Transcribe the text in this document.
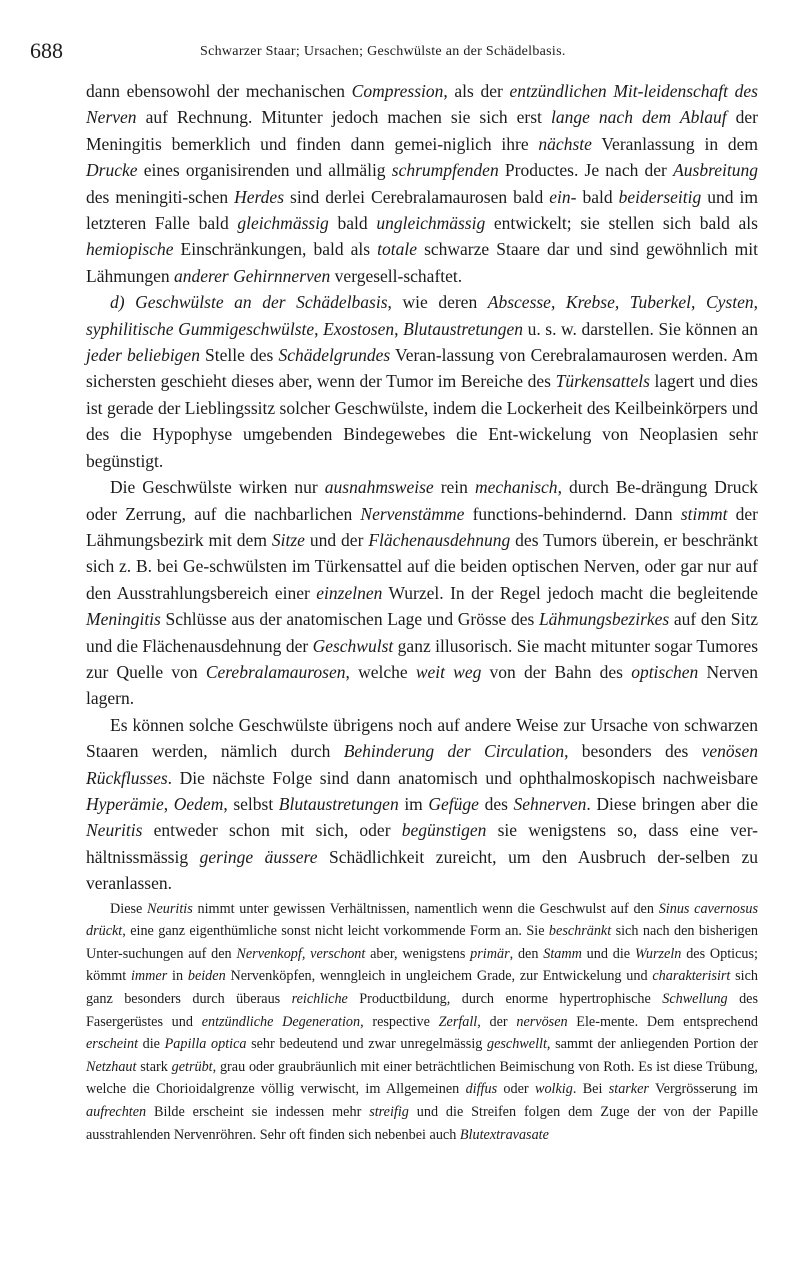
688	Schwarzer Staar; Ursachen; Geschwülste an der Schädelbasis.

dann ebensowohl der mechanischen Compression, als der entzündlichen Mit-leidenschaft des Nerven auf Rechnung. Mitunter jedoch machen sie sich erst lange nach dem Ablauf der Meningitis bemerklich und finden dann gemei-niglich ihre nächste Veranlassung in dem Drucke eines organisirenden und allmälig schrumpfenden Productes. Je nach der Ausbreitung des meningiti-schen Herdes sind derlei Cerebralamaurosen bald ein- bald beiderseitig und im letzteren Falle bald gleichmässig bald ungleichmässig entwickelt; sie stellen sich bald als hemiopische Einschränkungen, bald als totale schwarze Staare dar und sind gewöhnlich mit Lähmungen anderer Gehirnnerven vergesell-schaftet.

d) Geschwülste an der Schädelbasis, wie deren Abscesse, Krebse, Tuberkel, Cysten, syphilitische Gummigeschwülste, Exostosen, Blutaustretungen u. s. w. darstellen. Sie können an jeder beliebigen Stelle des Schädelgrundes Veran-lassung von Cerebralamaurosen werden. Am sichersten geschieht dieses aber, wenn der Tumor im Bereiche des Türkensattels lagert und dies ist gerade der Lieblingssitz solcher Geschwülste, indem die Lockerheit des Keilbeinkörpers und des die Hypophyse umgebenden Bindegewebes die Ent-wickelung von Neoplasien sehr begünstigt.

Die Geschwülste wirken nur ausnahmsweise rein mechanisch, durch Be-drängung Druck oder Zerrung, auf die nachbarlichen Nervenstämme functions-behindernd. Dann stimmt der Lähmungsbezirk mit dem Sitze und der Flächenausdehnung des Tumors überein, er beschränkt sich z. B. bei Ge-schwülsten im Türkensattel auf die beiden optischen Nerven, oder gar nur auf den Ausstrahlungsbereich einer einzelnen Wurzel. In der Regel jedoch macht die begleitende Meningitis Schlüsse aus der anatomischen Lage und Grösse des Lähmungsbezirkes auf den Sitz und die Flächenausdehnung der Geschwulst ganz illusorisch. Sie macht mitunter sogar Tumores zur Quelle von Cerebralamaurosen, welche weit weg von der Bahn des optischen Nerven lagern.

Es können solche Geschwülste übrigens noch auf andere Weise zur Ursache von schwarzen Staaren werden, nämlich durch Behinderung der Circulation, besonders des venösen Rückflusses. Die nächste Folge sind dann anatomisch und ophthalmoskopisch nachweisbare Hyperämie, Oedem, selbst Blutaustretungen im Gefüge des Sehnerven. Diese bringen aber die Neuritis entweder schon mit sich, oder begünstigen sie wenigstens so, dass eine ver-hältnissmässig geringe äussere Schädlichkeit zureicht, um den Ausbruch der-selben zu veranlassen.

Diese Neuritis nimmt unter gewissen Verhältnissen, namentlich wenn die Geschwulst auf den Sinus cavernosus drückt, eine ganz eigenthümliche sonst nicht leicht vorkommende Form an. Sie beschränkt sich nach den bisherigen Unter-suchungen auf den Nervenkopf, verschont aber, wenigstens primär, den Stamm und die Wurzeln des Opticus; kömmt immer in beiden Nervenköpfen, wenngleich in ungleichem Grade, zur Entwickelung und charakterisirt sich ganz besonders durch überaus reichliche Productbildung, durch enorme hypertrophische Schwellung des Fasergerüstes und entzündliche Degeneration, respective Zerfall, der nervösen Ele-mente. Dem entsprechend erscheint die Papilla optica sehr bedeutend und zwar unregelmässig geschwellt, sammt der anliegenden Portion der Netzhaut stark getrübt, grau oder graubräunlich mit einer beträchtlichen Beimischung von Roth. Es ist diese Trübung, welche die Chorioidalgrenze völlig verwischt, im Allgemeinen diffus oder wolkig. Bei starker Vergrösserung im aufrechten Bilde erscheint sie indessen mehr streifig und die Streifen folgen dem Zuge der von der Papille ausstrahlenden Nervenröhren. Sehr oft finden sich nebenbei auch Blutextravasate
